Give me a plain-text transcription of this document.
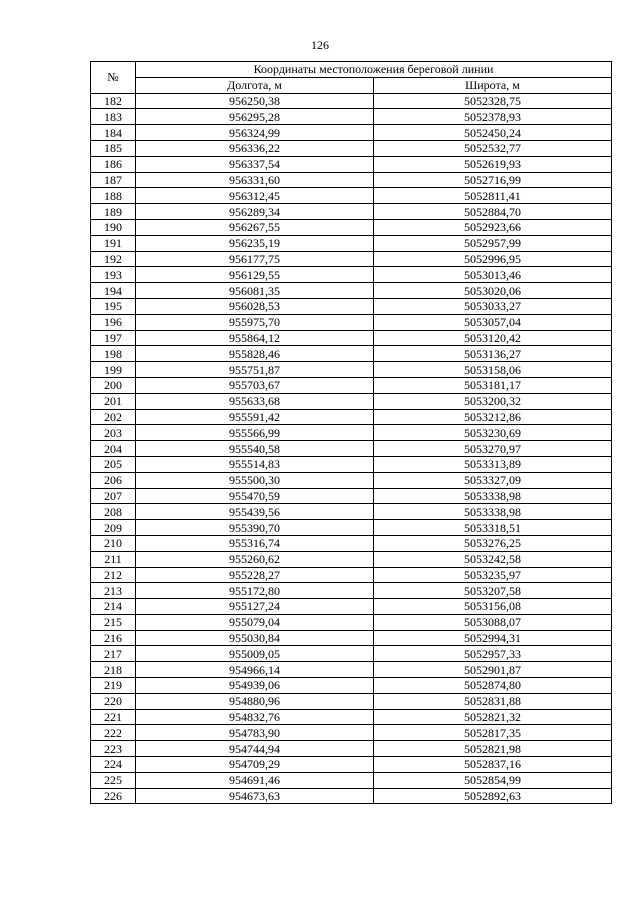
126
№	Координаты местоположения береговой линии	
	Долгота, м	Широта, м
182	956250,38	5052328,75
183	956295,28	5052378,93
184	956324,99	5052450,24
185	956336,22	5052532,77
186	956337,54	5052619,93
187	956331,60	5052716,99
188	956312,45	5052811,41
189	956289,34	5052884,70
190	956267,55	5052923,66
191	956235,19	5052957,99
192	956177,75	5052996,95
193	956129,55	5053013,46
194	956081,35	5053020,06
195	956028,53	5053033,27
196	955975,70	5053057,04
197	955864,12	5053120,42
198	955828,46	5053136,27
199	955751,87	5053158,06
200	955703,67	5053181,17
201	955633,68	5053200,32
202	955591,42	5053212,86
203	955566,99	5053230,69
204	955540,58	5053270,97
205	955514,83	5053313,89
206	955500,30	5053327,09
207	955470,59	5053338,98
208	955439,56	5053338,98
209	955390,70	5053318,51
210	955316,74	5053276,25
211	955260,62	5053242,58
212	955228,27	5053235,97
213	955172,80	5053207,58
214	955127,24	5053156,08
215	955079,04	5053088,07
216	955030,84	5052994,31
217	955009,05	5052957,33
218	954966,14	5052901,87
219	954939,06	5052874,80
220	954880,96	5052831,88
221	954832,76	5052821,32
222	954783,90	5052817,35
223	954744,94	5052821,98
224	954709,29	5052837,16
225	954691,46	5052854,99
226	954673,63	5052892,63
